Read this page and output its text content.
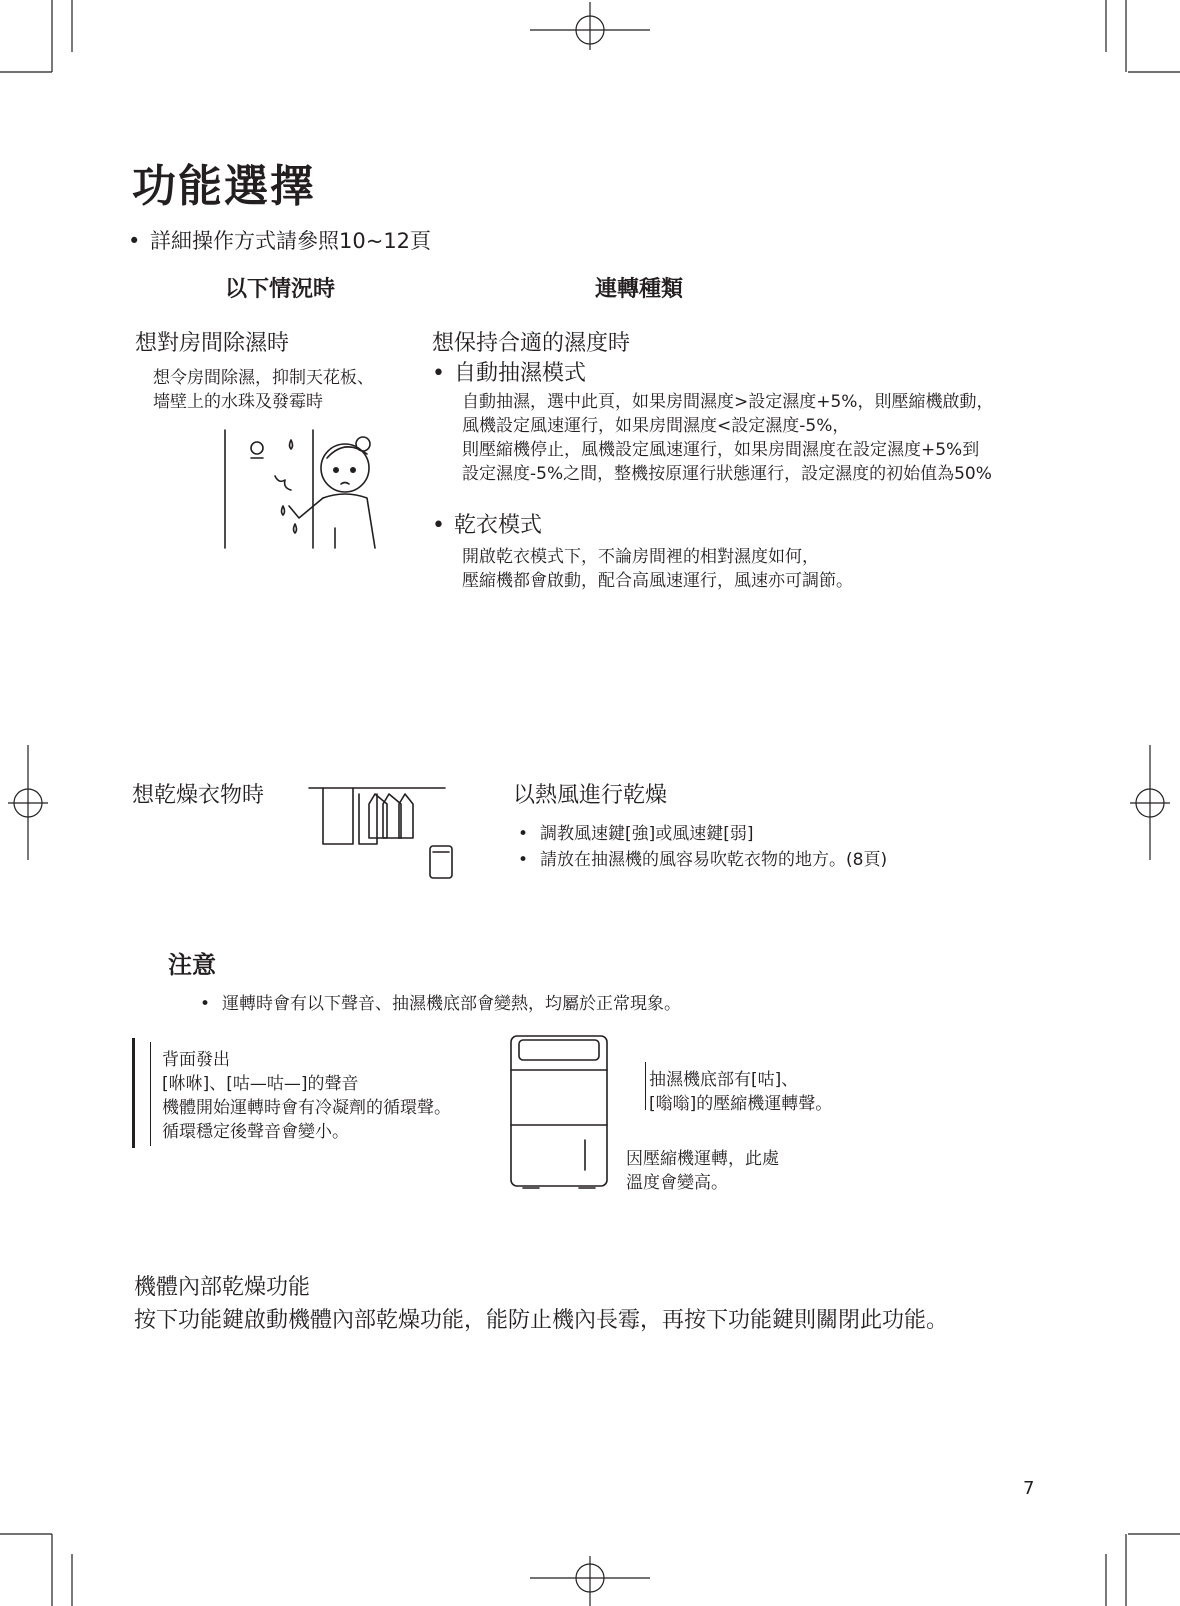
功能選擇
• 詳細操作方式請參照10~12頁
以下情況時	連轉種類
想對房間除濕時
想令房間除濕，抑制天花板、
墻壁上的水珠及發霉時
想保持合適的濕度時
• 自動抽濕模式
自動抽濕，選中此頁，如果房間濕度>設定濕度+5%，則壓縮機啟動，
風機設定風速運行，如果房間濕度<設定濕度-5%，
則壓縮機停止，風機設定風速運行，如果房間濕度在設定濕度+5%到
設定濕度-5%之間，整機按原運行狀態運行，設定濕度的初始值為50%
• 乾衣模式
開啟乾衣模式下，不論房間裡的相對濕度如何，
壓縮機都會啟動，配合高風速運行，風速亦可調節。
想乾燥衣物時	以熱風進行乾燥
• 調教風速鍵[強]或風速鍵[弱]
• 請放在抽濕機的風容易吹乾衣物的地方。(8頁)
注意
• 運轉時會有以下聲音、抽濕機底部會變熱，均屬於正常現象。
背面發出
[咻咻]、[咕—咕—]的聲音
機體開始運轉時會有冷凝劑的循環聲。
循環穩定後聲音會變小。
抽濕機底部有[咕]、
[嗡嗡]的壓縮機運轉聲。
因壓縮機運轉，此處
溫度會變高。
機體內部乾燥功能
按下功能鍵啟動機體內部乾燥功能，能防止機內長霉，再按下功能鍵則關閉此功能。
7
